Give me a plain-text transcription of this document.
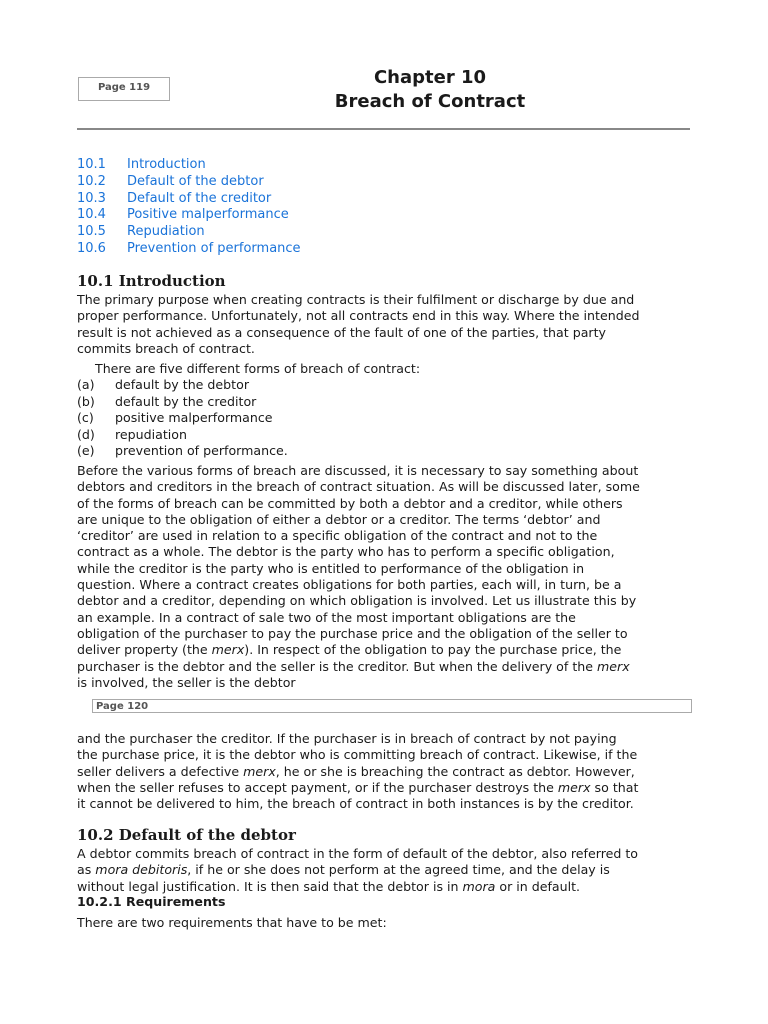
Page 119	Chapter 10
Breach of Contract
10.1	Introduction
10.2	Default of the debtor
10.3	Default of the creditor
10.4	Positive malperformance
10.5	Repudiation
10.6	Prevention of performance
10.1 Introduction
The primary purpose when creating contracts is their fulfilment or discharge by due and
proper performance. Unfortunately, not all contracts end in this way. Where the intended
result is not achieved as a consequence of the fault of one of the parties, that party
commits breach of contract.
There are five different forms of breach of contract:
(a)	default by the debtor
(b)	default by the creditor
(c)	positive malperformance
(d)	repudiation
(e)	prevention of performance.
Before the various forms of breach are discussed, it is necessary to say something about
debtors and creditors in the breach of contract situation. As will be discussed later, some
of the forms of breach can be committed by both a debtor and a creditor, while others
are unique to the obligation of either a debtor or a creditor. The terms ‘debtor’ and
‘creditor’ are used in relation to a specific obligation of the contract and not to the
contract as a whole. The debtor is the party who has to perform a specific obligation,
while the creditor is the party who is entitled to performance of the obligation in
question. Where a contract creates obligations for both parties, each will, in turn, be a
debtor and a creditor, depending on which obligation is involved. Let us illustrate this by
an example. In a contract of sale two of the most important obligations are the
obligation of the purchaser to pay the purchase price and the obligation of the seller to
deliver property (the merx). In respect of the obligation to pay the purchase price, the
purchaser is the debtor and the seller is the creditor. But when the delivery of the merx
is involved, the seller is the debtor
Page 120
and the purchaser the creditor. If the purchaser is in breach of contract by not paying
the purchase price, it is the debtor who is committing breach of contract. Likewise, if the
seller delivers a defective merx, he or she is breaching the contract as debtor. However,
when the seller refuses to accept payment, or if the purchaser destroys the merx so that
it cannot be delivered to him, the breach of contract in both instances is by the creditor.
10.2 Default of the debtor
A debtor commits breach of contract in the form of default of the debtor, also referred to
as mora debitoris, if he or she does not perform at the agreed time, and the delay is
without legal justification. It is then said that the debtor is in mora or in default.
10.2.1 Requirements
There are two requirements that have to be met:
